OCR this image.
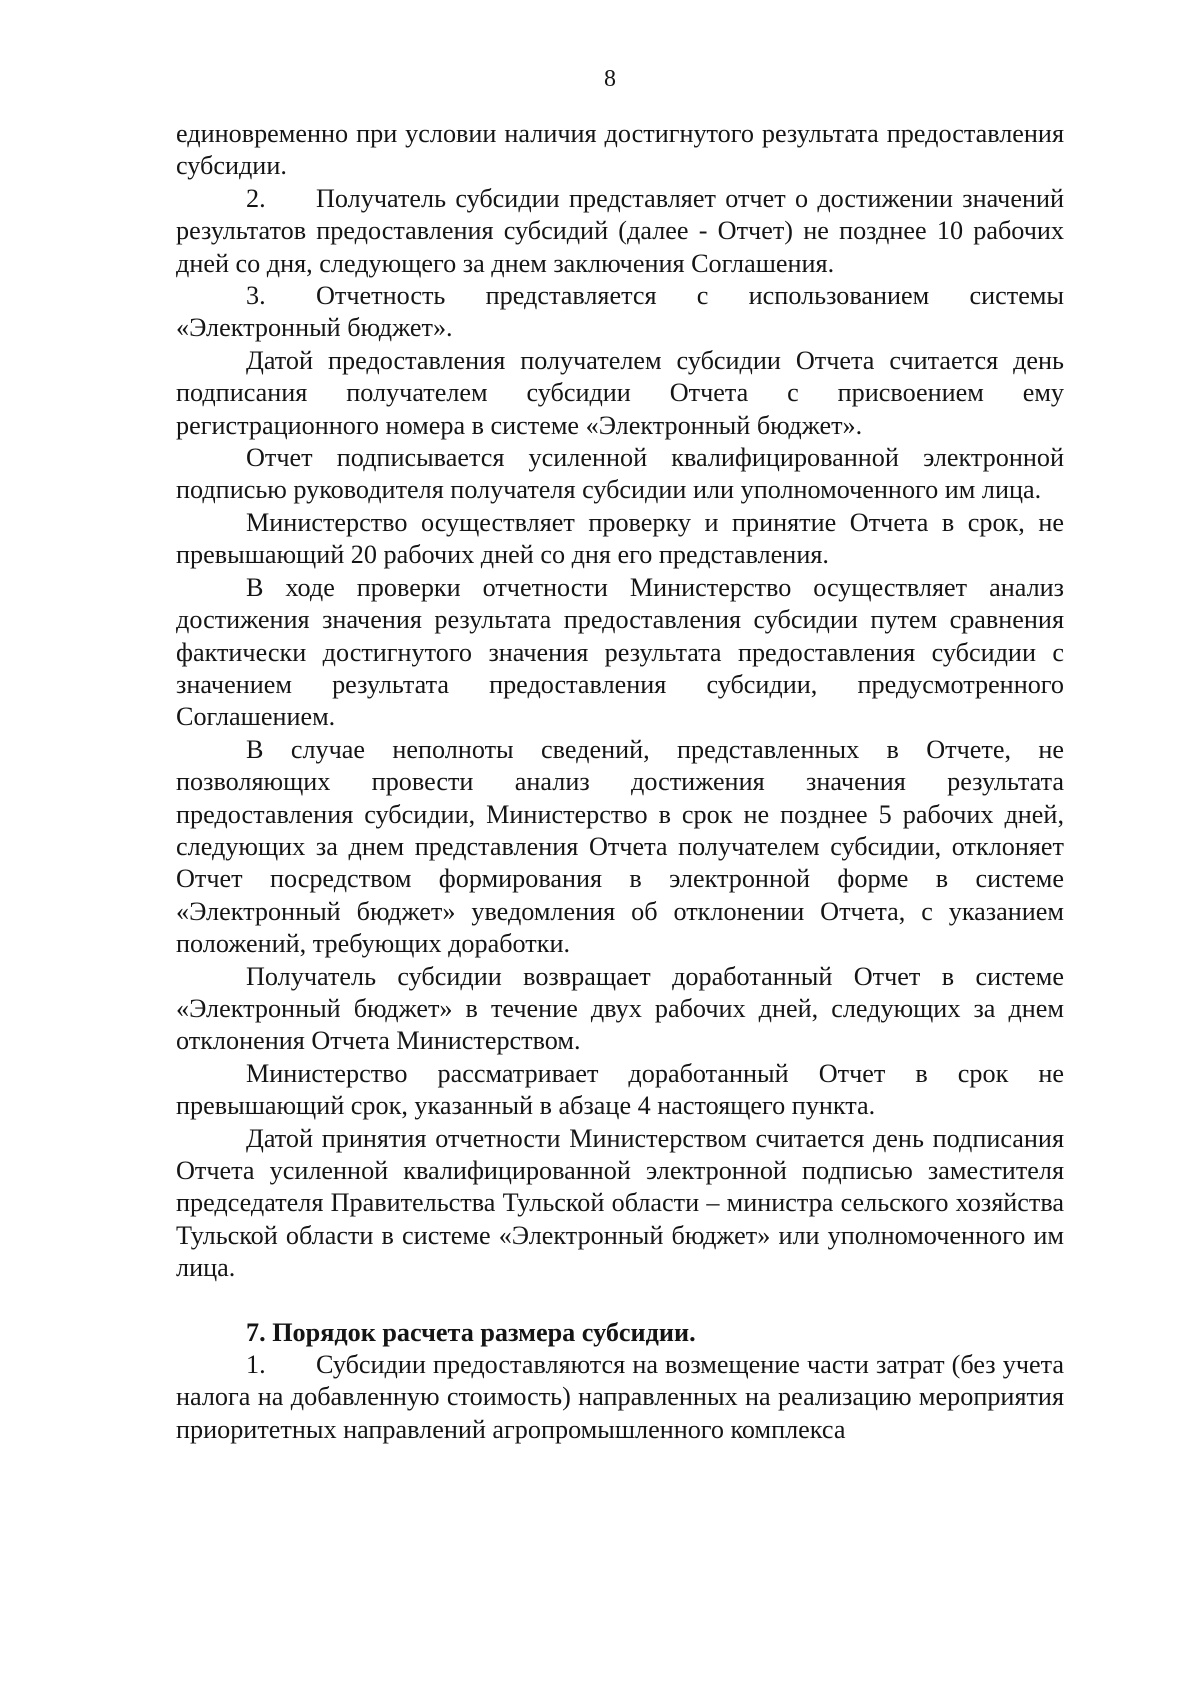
8

единовременно при условии наличия достигнутого результата предоставления субсидии.

2. Получатель субсидии представляет отчет о достижении значений результатов предоставления субсидий (далее - Отчет) не позднее 10 рабочих дней со дня, следующего за днем заключения Соглашения.

3. Отчетность представляется с использованием системы «Электронный бюджет».

Датой предоставления получателем субсидии Отчета считается день подписания получателем субсидии Отчета с присвоением ему регистрационного номера в системе «Электронный бюджет».

Отчет подписывается усиленной квалифицированной электронной подписью руководителя получателя субсидии или уполномоченного им лица.

Министерство осуществляет проверку и принятие Отчета в срок, не превышающий 20 рабочих дней со дня его представления.

В ходе проверки отчетности Министерство осуществляет анализ достижения значения результата предоставления субсидии путем сравнения фактически достигнутого значения результата предоставления субсидии с значением результата предоставления субсидии, предусмотренного Соглашением.

В случае неполноты сведений, представленных в Отчете, не позволяющих провести анализ достижения значения результата предоставления субсидии, Министерство в срок не позднее 5 рабочих дней, следующих за днем представления Отчета получателем субсидии, отклоняет Отчет посредством формирования в электронной форме в системе «Электронный бюджет» уведомления об отклонении Отчета, с указанием положений, требующих доработки.

Получатель субсидии возвращает доработанный Отчет в системе «Электронный бюджет» в течение двух рабочих дней, следующих за днем отклонения Отчета Министерством.

Министерство рассматривает доработанный Отчет в срок не превышающий срок, указанный в абзаце 4 настоящего пункта.

Датой принятия отчетности Министерством считается день подписания Отчета усиленной квалифицированной электронной подписью заместителя председателя Правительства Тульской области – министра сельского хозяйства Тульской области в системе «Электронный бюджет» или уполномоченного им лица.

7. Порядок расчета размера субсидии.

1. Субсидии предоставляются на возмещение части затрат (без учета налога на добавленную стоимость) направленных на реализацию мероприятия приоритетных направлений агропромышленного комплекса
